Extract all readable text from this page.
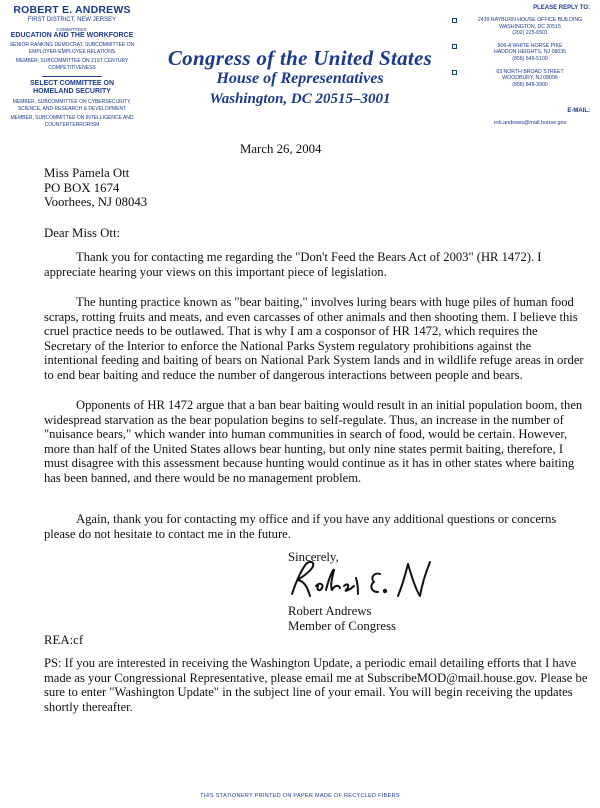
ROBERT E. ANDREWS
FIRST DISTRICT, NEW JERSEY
COMMITTEES:
EDUCATION AND THE WORKFORCE
SENIOR RANKING DEMOCRAT, SUBCOMMITTEE ON EMPLOYER-EMPLOYEE RELATIONS
MEMBER, SUBCOMMITTEE ON 21ST CENTURY COMPETITIVENESS
SELECT COMMITTEE ON
HOMELAND SECURITY
MEMBER, SUBCOMMITTEE ON CYBERSECURITY, SCIENCE, AND RESEARCH & DEVELOPMENT
MEMBER, SUBCOMMITTEE ON INTELLIGENCE AND COUNTERTERRORISM
Congress of the United States
House of Representatives
Washington, DC 20515–3001
PLEASE REPLY TO:
2439 RAYBURN HOUSE OFFICE BUILDING
WASHINGTON, DC 20515
(202) 225-6501
506-A WHITE HORSE PIKE
HADDON HEIGHTS, NJ 08035
(856) 546-5100
63 NORTH BROAD STREET
WOODBURY, NJ 08096
(856) 848-3900
E-MAIL:
rob.andrews@mail.house.gov
March 26, 2004
Miss Pamela Ott
PO BOX 1674
Voorhees, NJ 08043
Dear Miss Ott:
Thank you for contacting me regarding the "Don't Feed the Bears Act of 2003" (HR 1472). I appreciate hearing your views on this important piece of legislation.
The hunting practice known as "bear baiting," involves luring bears with huge piles of human food scraps, rotting fruits and meats, and even carcasses of other animals and then shooting them. I believe this cruel practice needs to be outlawed. That is why I am a cosponsor of HR 1472, which requires the Secretary of the Interior to enforce the National Parks System regulatory prohibitions against the intentional feeding and baiting of bears on National Park System lands and in wildlife refuge areas in order to end bear baiting and reduce the number of dangerous interactions between people and bears.
Opponents of HR 1472 argue that a ban bear baiting would result in an initial population boom, then widespread starvation as the bear population begins to self-regulate. Thus, an increase in the number of "nuisance bears," which wander into human communities in search of food, would be certain. However, more than half of the United States allows bear hunting, but only nine states permit baiting, therefore, I must disagree with this assessment because hunting would continue as it has in other states where baiting has been banned, and there would be no management problem.
Again, thank you for contacting my office and if you have any additional questions or concerns please do not hesitate to contact me in the future.
Sincerely,
Robert Andrews
Member of Congress
REA:cf
PS: If you are interested in receiving the Washington Update, a periodic email detailing efforts that I have made as your Congressional Representative, please email me at SubscribeMOD@mail.house.gov. Please be sure to enter "Washington Update" in the subject line of your email. You will begin receiving the updates shortly thereafter.
THIS STATIONERY PRINTED ON PAPER MADE OF RECYCLED FIBERS
